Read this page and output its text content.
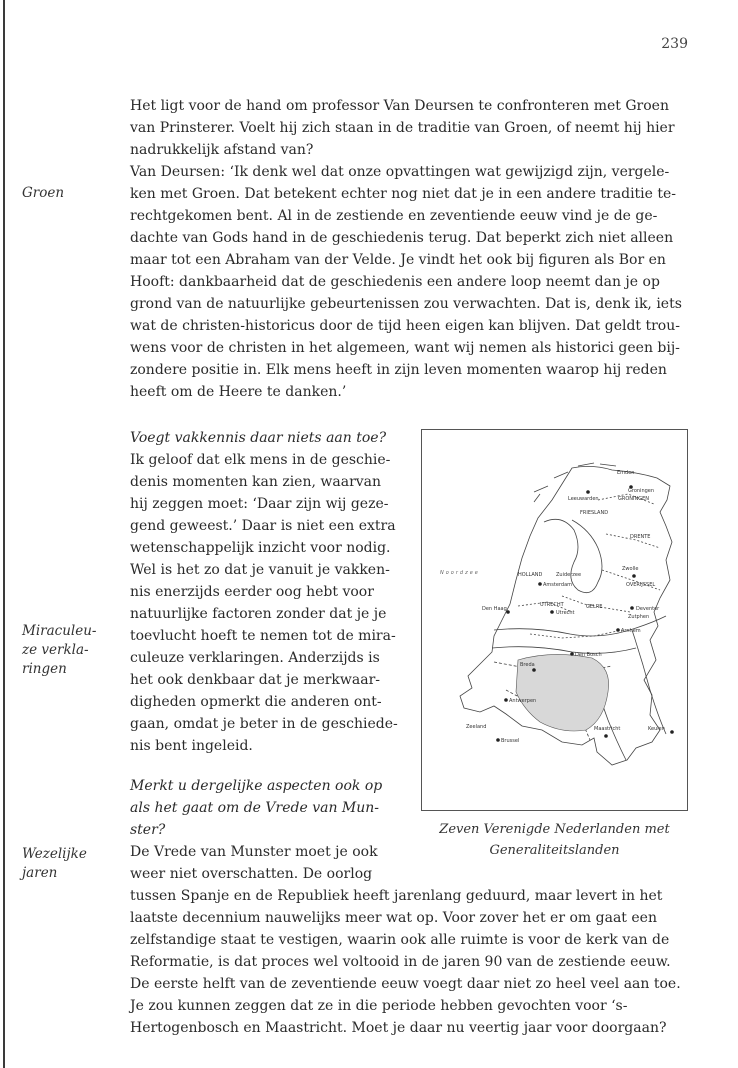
239

Het ligt voor de hand om professor Van Deursen te confronteren met Groen

van Prinsterer. Voelt hij zich staan in de traditie van Groen, of neemt hij hier

nadrukkelijk afstand van?

Van Deursen: ‘Ik denk wel dat onze opvattingen wat gewijzigd zijn, vergele-

ken met Groen. Dat betekent echter nog niet dat je in een andere traditie te-

rechtgekomen bent. Al in de zestiende en zeventiende eeuw vind je de ge-

dachte van Gods hand in de geschiedenis terug. Dat beperkt zich niet alleen

maar tot een Abraham van der Velde. Je vindt het ook bij figuren als Bor en

Hooft: dankbaarheid dat de geschiedenis een andere loop neemt dan je op

grond van de natuurlijke gebeurtenissen zou verwachten. Dat is, denk ik, iets

wat de christen-historicus door de tijd heen eigen kan blijven. Dat geldt trou-

wens voor de christen in het algemeen, want wij nemen als historici geen bij-

zondere positie in. Elk mens heeft in zijn leven momenten waarop hij reden

heeft om de Heere te danken.’

Groen
Miraculeu-
ze verkla-
ringen
Wezelijke
jaren

Voegt vakkennis daar niets aan toe?

Ik geloof dat elk mens in de geschie-

denis momenten kan zien, waarvan

hij zeggen moet: ‘Daar zijn wij geze-

gend geweest.’ Daar is niet een extra

wetenschappelijk inzicht voor nodig.

Wel is het zo dat je vanuit je vakken-

nis enerzijds eerder oog hebt voor

natuurlijke factoren zonder dat je je

toevlucht hoeft te nemen tot de mira-

culeuze verklaringen. Anderzijds is

het ook denkbaar dat je merkwaar-

digheden opmerkt die anderen ont-

gaan, omdat je beter in de geschiede-

nis bent ingeleid.

Merkt u dergelijke aspecten ook op

als het gaat om de Vrede van Mun-

ster?

De Vrede van Munster moet je ook

weer niet overschatten. De oorlog

tussen Spanje en de Republiek heeft jarenlang geduurd, maar levert in het

laatste decennium nauwelijks meer wat op. Voor zover het er om gaat een

zelfstandige staat te vestigen, waarin ook alle ruimte is voor de kerk van de

Reformatie, is dat proces wel voltooid in de jaren 90 van de zestiende eeuw.

De eerste helft van de zeventiende eeuw voegt daar niet zo heel veel aan toe.

Je zou kunnen zeggen dat ze in die periode hebben gevochten voor ‘s-

Hertogenbosch en Maastricht. Moet je daar nu veertig jaar voor doorgaan?

Emden
Groningen
GRONINGEN
Leeuwarden
FRIESLAND
DRENTE
Noordzee	HOLLAND	Zuiderzee
Amsterdam
Zwolle
OVERIJSSEL
Den Haag
UTRECHT
Utrecht
GELRE	Deventer
Zutphen
Arnhem
Den Bosch
Breda
Antwerpen
Zeeland
Brussel
Maastricht	Keulen
Zeven Verenigde Nederlanden met
Generaliteitslanden
